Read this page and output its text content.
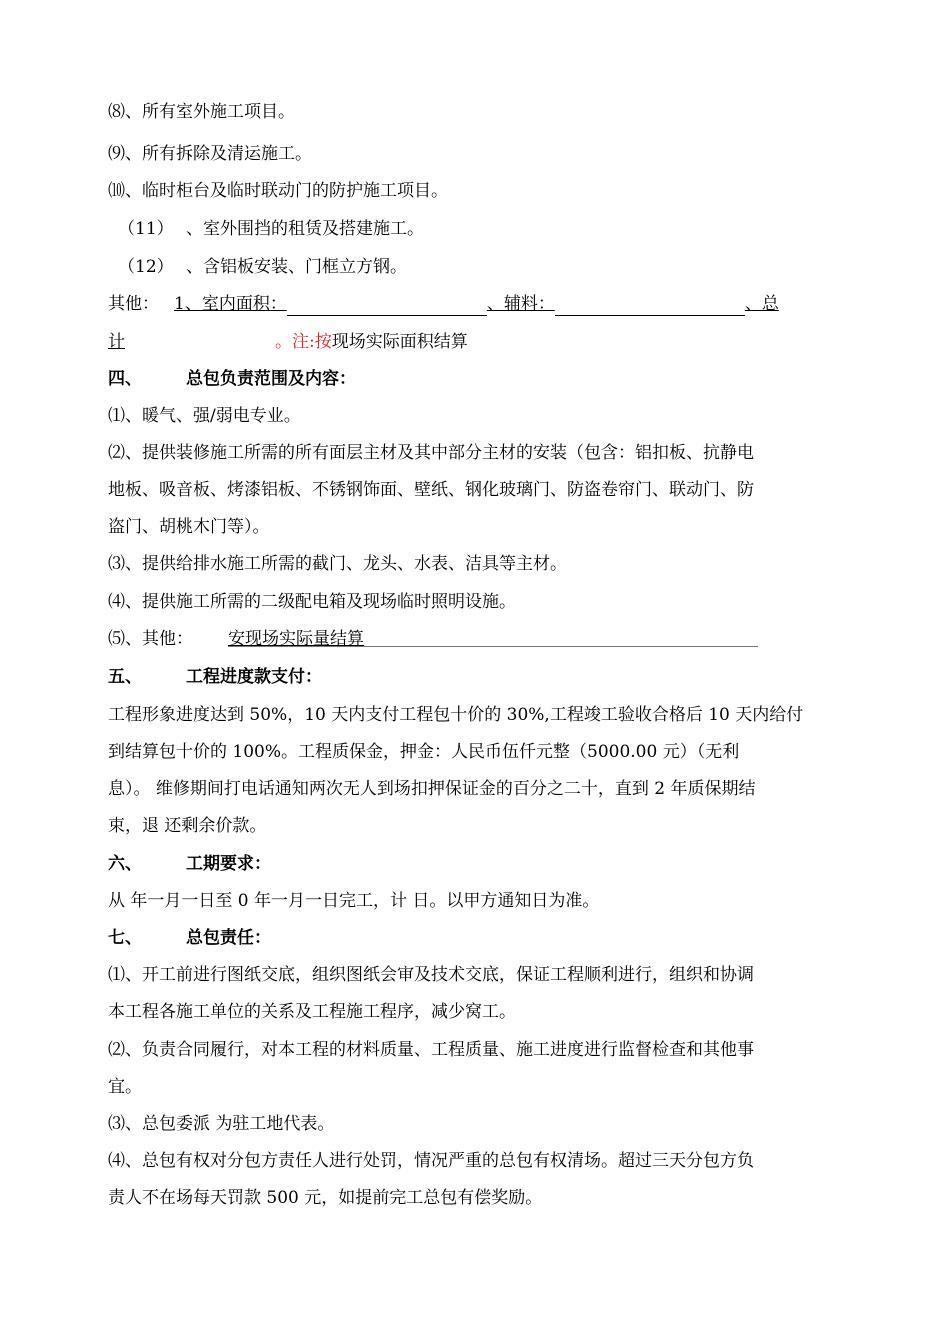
⑻、所有室外施工项目。
⑼、所有拆除及清运施工。
⑽、临时柜台及临时联动门的防护施工项目。
（11） 、室外围挡的租赁及搭建施工。
（12） 、含铝板安装、门框立方钢。
其他： 1、室内面积：	、辅料：	、总
计	。注:按现场实际面积结算
四、	总包负责范围及内容：
⑴、暖气、强/弱电专业。
⑵、提供装修施工所需的所有面层主材及其中部分主材的安装（包含：铝扣板、抗静电
地板、吸音板、烤漆铝板、不锈钢饰面、壁纸、钢化玻璃门、防盗卷帘门、联动门、防
盗门、胡桃木门等）。
⑶、提供给排水施工所需的截门、龙头、水表、洁具等主材。
⑷、提供施工所需的二级配电箱及现场临时照明设施。
⑸、其他： 安现场实际量结算
五、	工程进度款支付：
工程形象进度达到 50%，10 天内支付工程包十价的 30%,工程竣工验收合格后 10 天内给付
到结算包十价的 100%。工程质保金，押金：人民币伍仟元整（5000.00 元）（无利
息）。 维修期间打电话通知两次无人到场扣押保证金的百分之二十，直到 2 年质保期结
束，退 还剩余价款。
六、	工期要求：
从 年一月一日至 0 年一月一日完工，计 日。以甲方通知日为准。
七、	总包责任：
⑴、开工前进行图纸交底，组织图纸会审及技术交底，保证工程顺利进行，组织和协调
本工程各施工单位的关系及工程施工程序，减少窝工。
⑵、负责合同履行，对本工程的材料质量、工程质量、施工进度进行监督检查和其他事
宜。
⑶、总包委派 为驻工地代表。
⑷、总包有权对分包方责任人进行处罚，情况严重的总包有权清场。超过三天分包方负
责人不在场每天罚款 500 元，如提前完工总包有偿奖励。
